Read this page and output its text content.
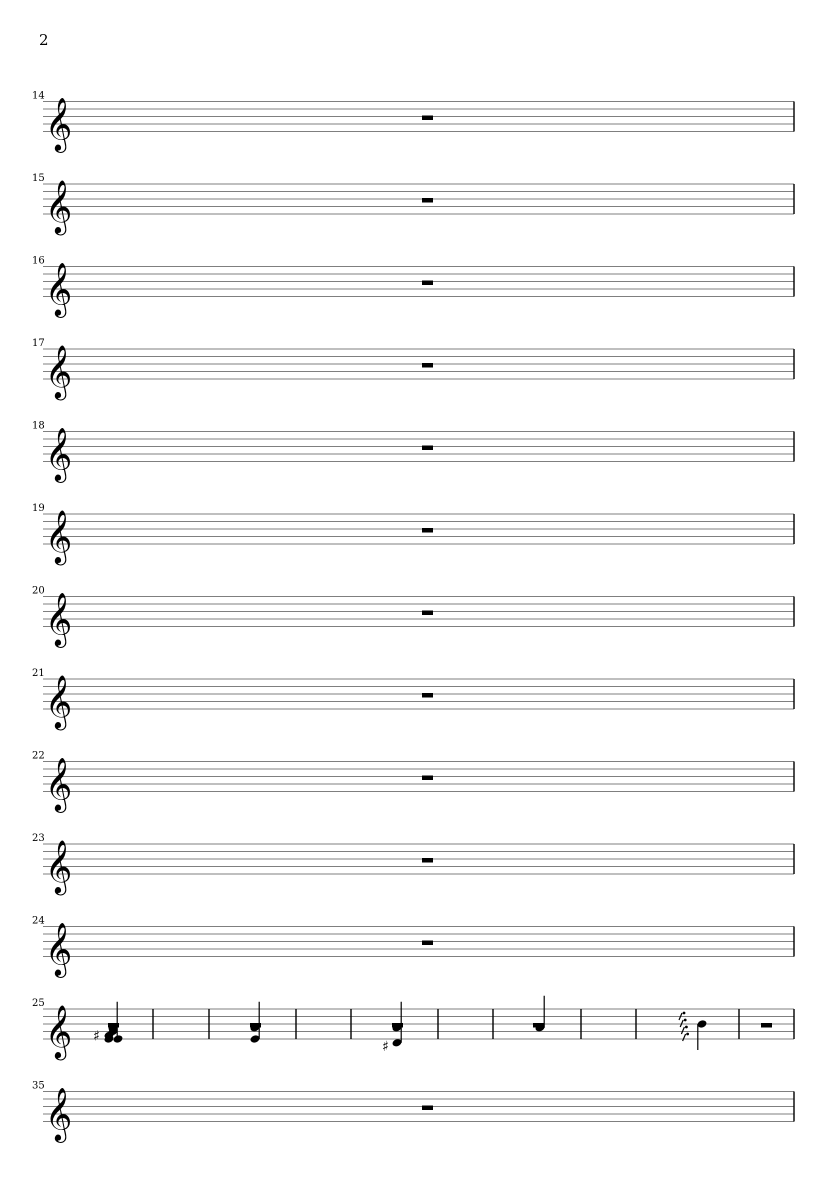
2
14
𝄞
15
𝄞
16
𝄞
17
𝄞
18
𝄞
19
𝄞
20
𝄞
21
𝄞
22
𝄞
23
𝄞
24
𝄞
25
𝄞 ♯
♯
35
𝄞
